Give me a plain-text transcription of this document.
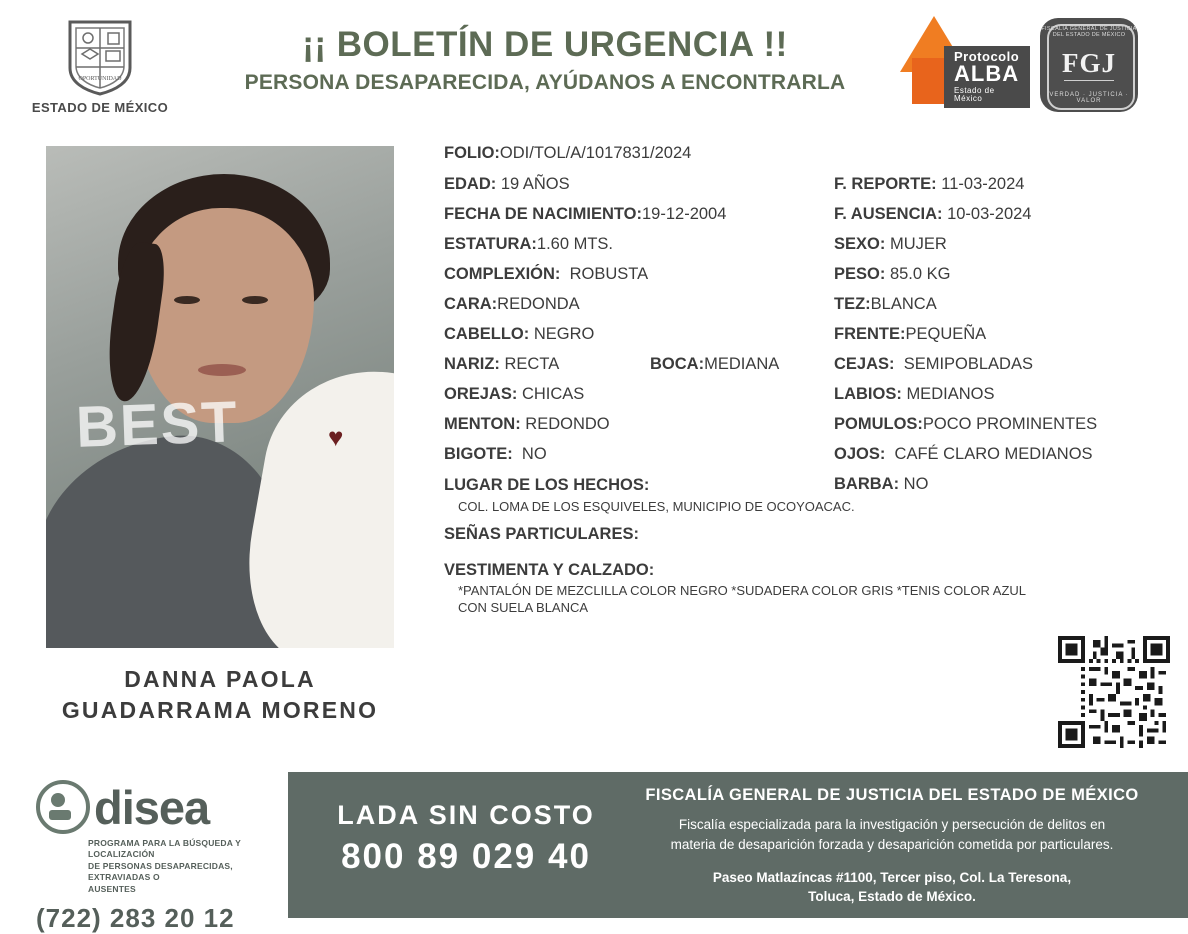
OPORTUNIDAD
ESTADO DE MÉXICO
¡¡ BOLETÍN DE URGENCIA !!
PERSONA DESAPARECIDA, AYÚDANOS A ENCONTRARLA
Protocolo
ALBA
Estado de México
FISCALIA GENERAL DE JUSTICIA DEL ESTADO DE MÉXICO
FGJ
VERDAD · JUSTICIA · VALOR
♥
BEST
DANNA PAOLA
GUADARRAMA MORENO
FOLIO:ODI/TOL/A/1017831/2024
EDAD: 19 AÑOS
FECHA DE NACIMIENTO:19-12-2004
ESTATURA:1.60 MTS.
COMPLEXIÓN: ROBUSTA
CARA:REDONDA
CABELLO: NEGRO
NARIZ: RECTA	BOCA:MEDIANA
OREJAS: CHICAS
MENTON: REDONDO
BIGOTE: NO
F. REPORTE: 11-03-2024
F. AUSENCIA: 10-03-2024
SEXO: MUJER
PESO: 85.0 KG
TEZ:BLANCA
FRENTE:PEQUEÑA
CEJAS: SEMIPOBLADAS
LABIOS: MEDIANOS
POMULOS:POCO PROMINENTES
OJOS: CAFÉ CLARO MEDIANOS
BARBA: NO
LUGAR DE LOS HECHOS:
COL. LOMA DE LOS ESQUIVELES, MUNICIPIO DE OCOYOACAC.
SEÑAS PARTICULARES:
VESTIMENTA Y CALZADO:
*PANTALÓN DE MEZCLILLA COLOR NEGRO *SUDADERA COLOR GRIS *TENIS COLOR AZUL
CON SUELA BLANCA
disea
PROGRAMA PARA LA BÚSQUEDA Y LOCALIZACIÓN
DE PERSONAS DESAPARECIDAS, EXTRAVIADAS O
AUSENTES
(722) 283 20 12
LADA SIN COSTO
800 89 029 40
FISCALÍA GENERAL DE JUSTICIA DEL ESTADO DE MÉXICO
Fiscalía especializada para la investigación y persecución de delitos en
materia de desaparición forzada y desaparición cometida por particulares.
Paseo Matlazíncas #1100, Tercer piso, Col. La Teresona,
Toluca, Estado de México.
